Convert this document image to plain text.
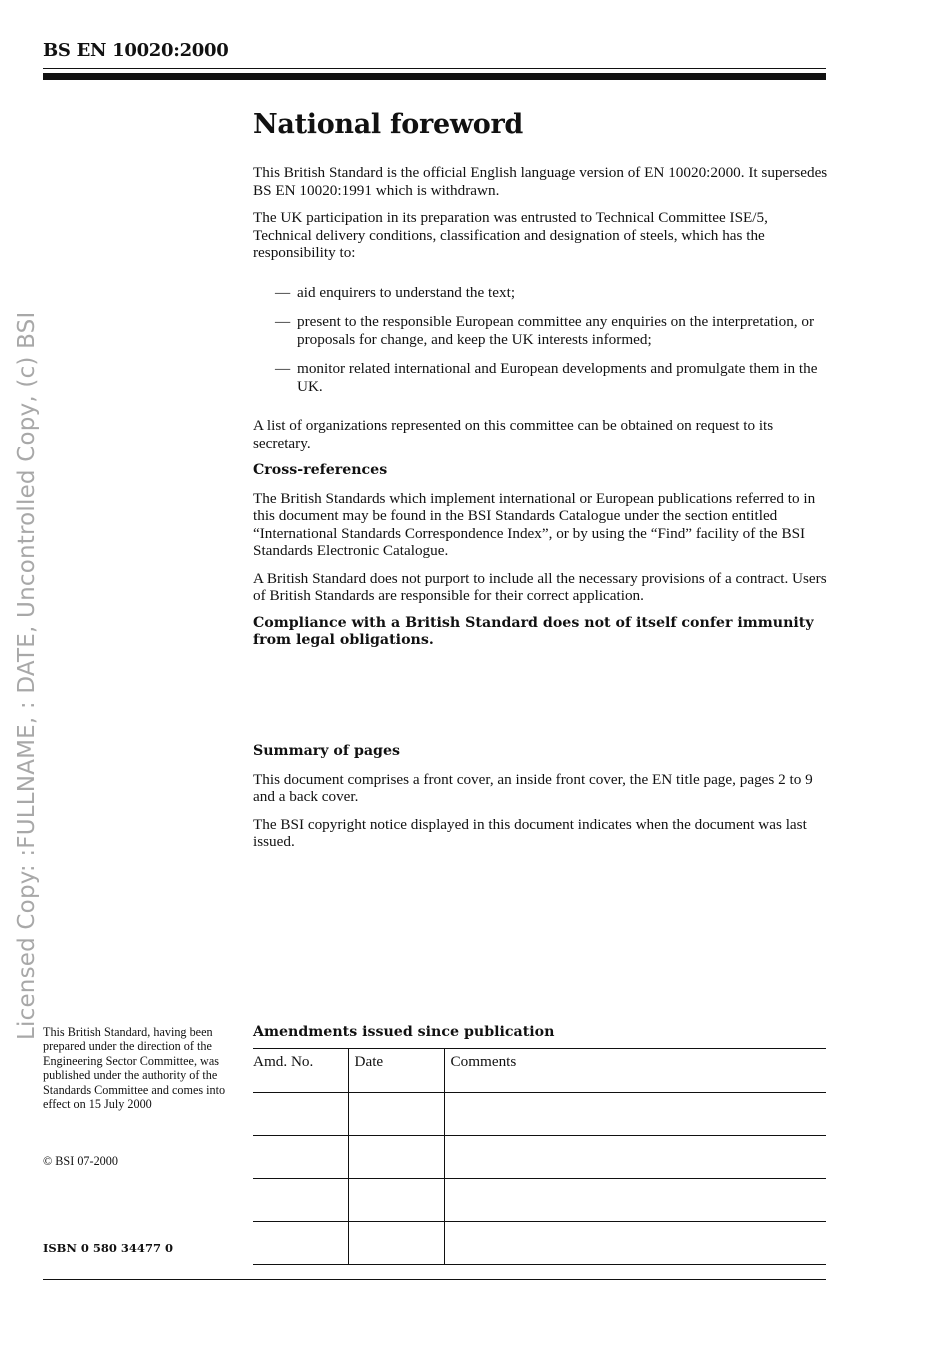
BS EN 10020:2000
Licensed Copy: :FULLNAME, : DATE, Uncontrolled Copy, (c) BSI
National foreword

This British Standard is the official English language version of EN 10020:2000. It supersedes BS EN 10020:1991 which is withdrawn.

The UK participation in its preparation was entrusted to Technical Committee ISE/5, Technical delivery conditions, classification and designation of steels, which has the responsibility to:

— aid enquirers to understand the text;
— present to the responsible European committee any enquiries on the interpretation, or proposals for change, and keep the UK interests informed;
— monitor related international and European developments and promulgate them in the UK.

A list of organizations represented on this committee can be obtained on request to its secretary.

Cross-references

The British Standards which implement international or European publications referred to in this document may be found in the BSI Standards Catalogue under the section entitled “International Standards Correspondence Index”, or by using the “Find” facility of the BSI Standards Electronic Catalogue.

A British Standard does not purport to include all the necessary provisions of a contract. Users of British Standards are responsible for their correct application.

Compliance with a British Standard does not of itself confer immunity from legal obligations.

Summary of pages

This document comprises a front cover, an inside front cover, the EN title page, pages 2 to 9 and a back cover.

The BSI copyright notice displayed in this document indicates when the document was last issued.

This British Standard, having been prepared under the direction of the Engineering Sector Committee, was published under the authority of the Standards Committee and comes into effect on 15 July 2000
© BSI 07-2000
ISBN 0 580 34477 0
Amendments issued since publication
Amd. No.	Date	Comments
